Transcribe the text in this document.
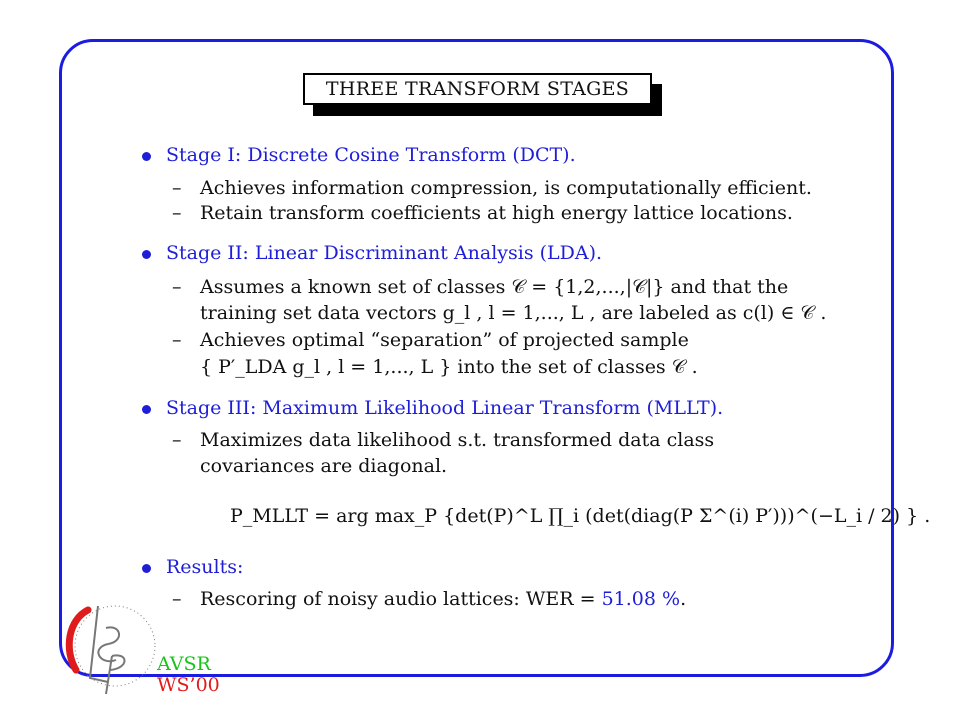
THREE TRANSFORM STAGES
Stage I: Discrete Cosine Transform (DCT).
– Achieves information compression, is computationally efficient.
– Retain transform coefficients at high energy lattice locations.
Stage II: Linear Discriminant Analysis (LDA).
– Assumes a known set of classes 𝒞 = {1,2,...,|𝒞|} and that the
training set data vectors g_l , l = 1,..., L , are labeled as c(l) ∈ 𝒞 .
– Achieves optimal “separation” of projected sample
{ P′_LDA g_l , l = 1,..., L } into the set of classes 𝒞 .
Stage III: Maximum Likelihood Linear Transform (MLLT).
– Maximizes data likelihood s.t. transformed data class
covariances are diagonal.
P_MLLT = arg max_P {det(P)^L ∏_i (det(diag(P Σ^(i) P′)))^(−L_i / 2) } .
Results:
– Rescoring of noisy audio lattices: WER = 51.08 %.
AVSR
WS’00
